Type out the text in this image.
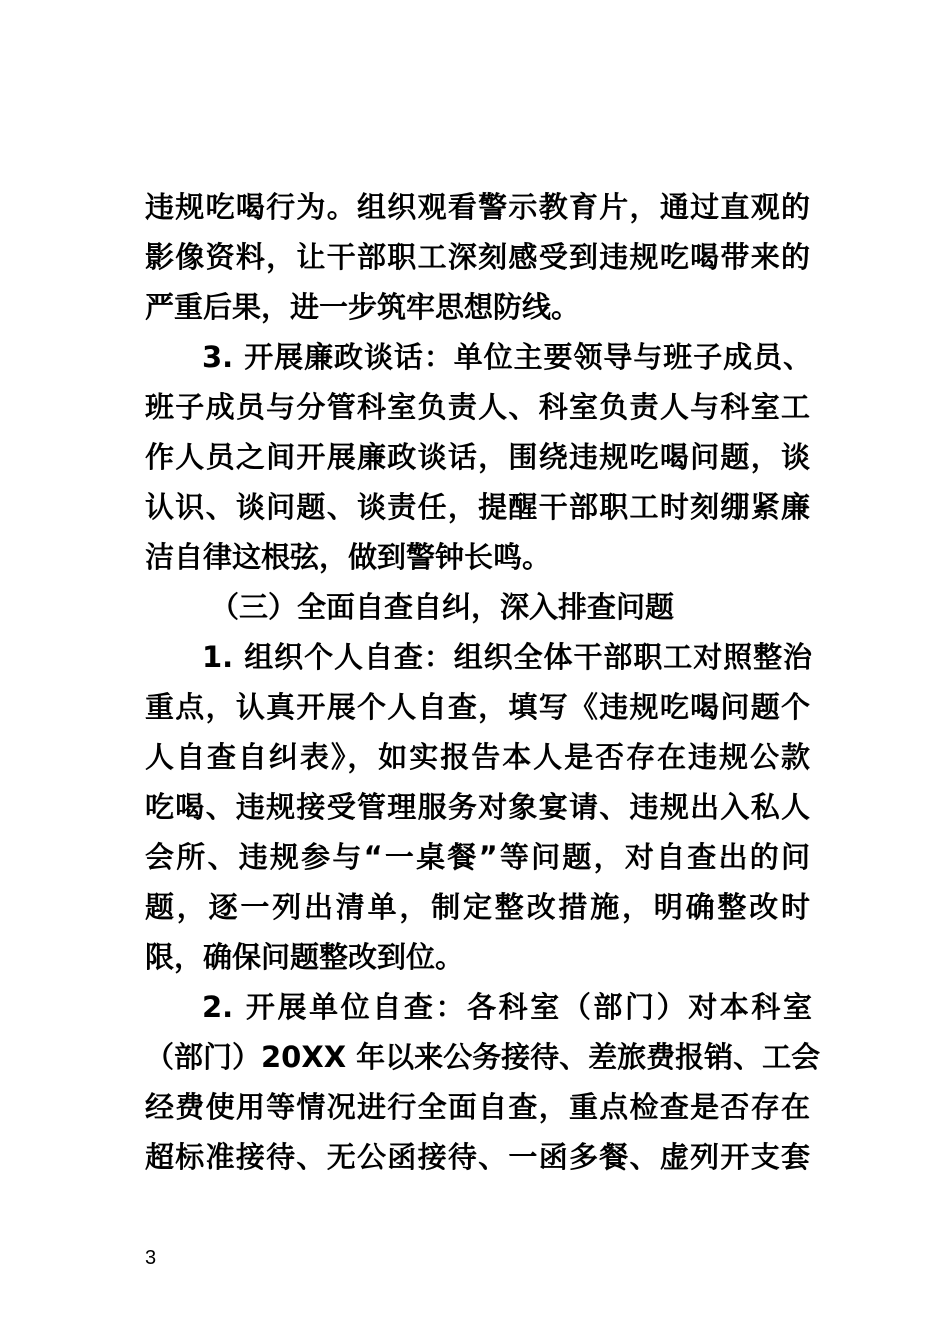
违规吃喝行为。组织观看警示教育片，通过直观的
影像资料，让干部职工深刻感受到违规吃喝带来的
严重后果，进一步筑牢思想防线。
3. 开展廉政谈话：单位主要领导与班子成员、
班子成员与分管科室负责人、科室负责人与科室工
作人员之间开展廉政谈话，围绕违规吃喝问题，谈
认识、谈问题、谈责任，提醒干部职工时刻绷紧廉
洁自律这根弦，做到警钟长鸣。
（三）全面自查自纠，深入排查问题
1. 组织个人自查：组织全体干部职工对照整治
重点，认真开展个人自查，填写《违规吃喝问题个
人自查自纠表》，如实报告本人是否存在违规公款
吃喝、违规接受管理服务对象宴请、违规出入私人
会所、违规参与“一桌餐”等问题，对自查出的问
题，逐一列出清单，制定整改措施，明确整改时
限，确保问题整改到位。
2. 开展单位自查：各科室（部门）对本科室
（部门）20XX 年以来公务接待、差旅费报销、工会
经费使用等情况进行全面自查，重点检查是否存在
超标准接待、无公函接待、一函多餐、虚列开支套
3
